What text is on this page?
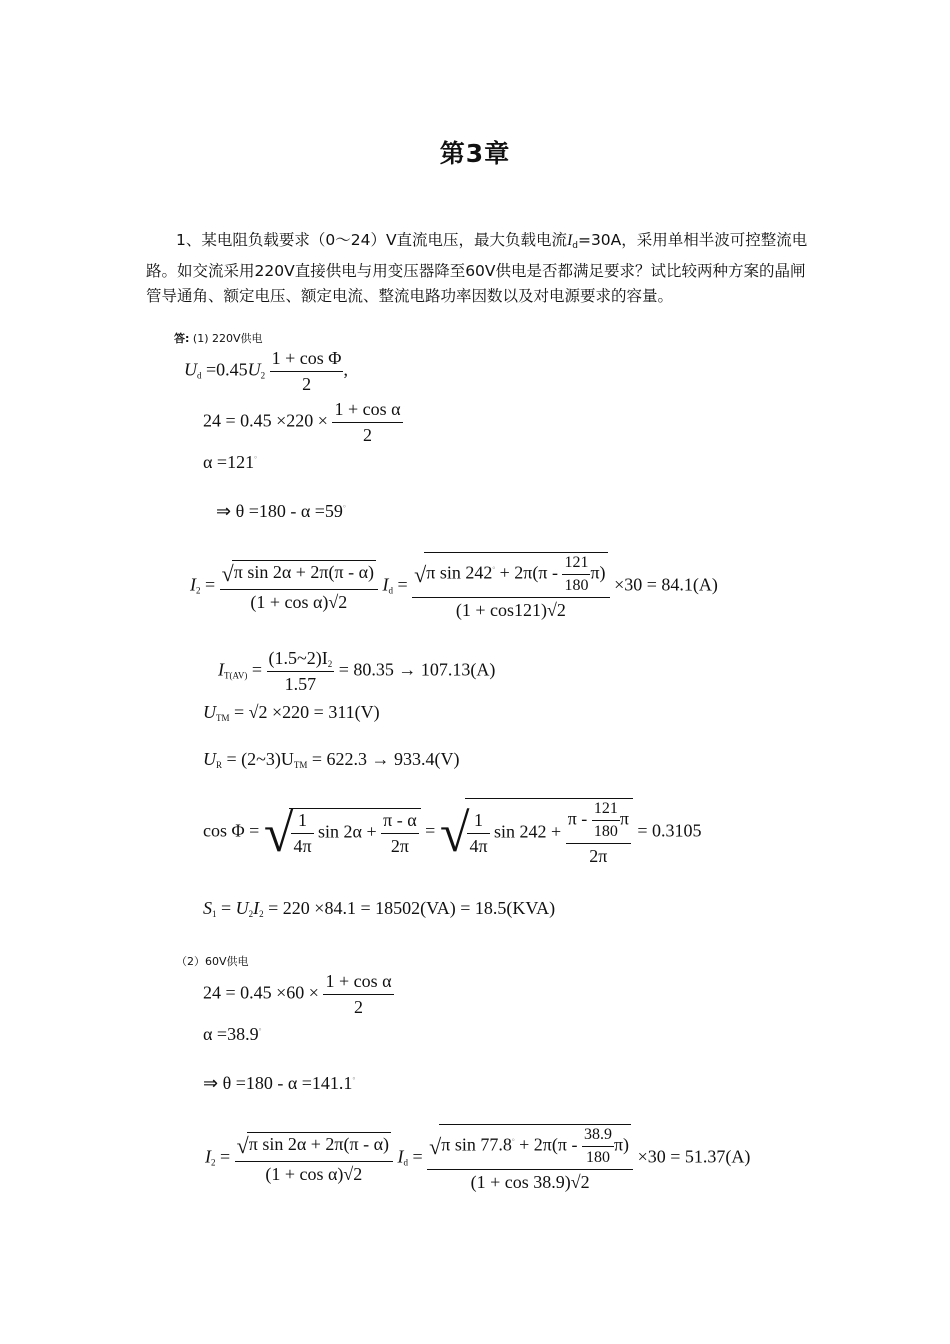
第3章
1、某电阻负载要求（0～24）V直流电压，最大负载电流$I_d=30A$，采用单相半波可控整流电路。如交流采用220V直接供电与用变压器降至60V供电是否都满足要求？试比较两种方案的晶闸管导通角、额定电压、额定电流、整流电路功率因数以及对电源要求的容量。
答: (1) 220V供电
$U_d =0.45U_2 \frac{\text{1 + cos Φ}}{2}$ ,
$24 = 0.45 \times 220 \times \frac{\text{1 + cos α}}{2}$
α =121°
⇒ θ =180 - α =59°
$I_2 = \frac{\text{√π sin 2α + 2π(π - α)}}{\text{(1 + cos α)√2}} I_d = \frac{√\pi \sin 242^\circ + 2\pi(\pi - \frac{121}{180} \pi)}{(1 + \cos 121)√2} \times 30 = 84.1(A)$
$I_{T(AV)} = \frac{(1.5\sim 2)I_2}{1.57} = 80.35 \to 107.13(A)$
$U_{TM} = √2 \times 220 = 311(V)$
$U_R$ = $(2\sim 3)U_{TM} = 622.3 \to 933.4(V)$
cos Φ = √
$\frac{1}{4\pi}$ $\sin 2\alpha + \frac{\pi - \alpha}{2\pi}$ = √
$\frac{1}{4\pi}$ $\sin 242 + \frac{\pi - \frac{121}{180} \pi}{2\pi} = 0.3105$
$S_1 = U_2I_2 = 220 \times 84.1 = 18502(VA) = 18.5(KVA)$
（2）60V供电
$24 = 0.45 \times 60 \times \frac{\text{1 + cos α}}{2}$
α =38.9°
⇒ θ =180 - α =141.1°
$I_2 = \frac{\text{√π sin 2α + 2π(π - α)}}{\text{(1 + cos α)√2}} I_d = \frac{√\pi \sin 77.8^\circ + 2\pi(\pi - \frac{38.9}{180} \pi)}{(1 + \cos 38.9)√2} \times 30 = 51.37(A)$
